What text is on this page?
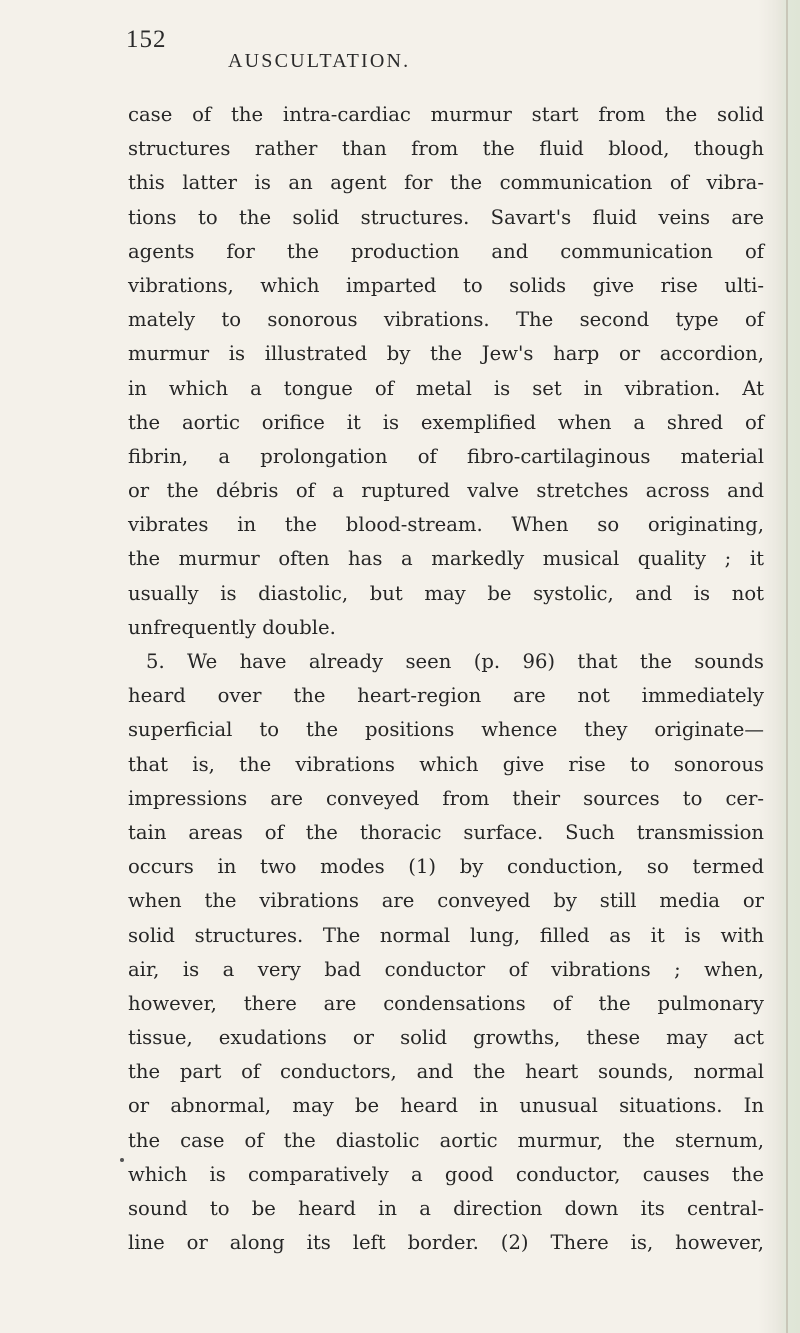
152
AUSCULTATION.
case of the intra-cardiac murmur start from the solid
structures rather than from the fluid blood, though
this latter is an agent for the communication of vibra-
tions to the solid structures. Savart's fluid veins are
agents for the production and communication of
vibrations, which imparted to solids give rise ulti-
mately to sonorous vibrations. The second type of
murmur is illustrated by the Jew's harp or accordion,
in which a tongue of metal is set in vibration. At
the aortic orifice it is exemplified when a shred of
fibrin, a prolongation of fibro-cartilaginous material
or the débris of a ruptured valve stretches across and
vibrates in the blood-stream. When so originating,
the murmur often has a markedly musical quality ; it
usually is diastolic, but may be systolic, and is not
unfrequently double.
5. We have already seen (p. 96) that the sounds
heard over the heart-region are not immediately
superficial to the positions whence they originate—
that is, the vibrations which give rise to sonorous
impressions are conveyed from their sources to cer-
tain areas of the thoracic surface. Such transmission
occurs in two modes (1) by conduction, so termed
when the vibrations are conveyed by still media or
solid structures. The normal lung, filled as it is with
air, is a very bad conductor of vibrations ; when,
however, there are condensations of the pulmonary
tissue, exudations or solid growths, these may act
the part of conductors, and the heart sounds, normal
or abnormal, may be heard in unusual situations. In
the case of the diastolic aortic murmur, the sternum,
which is comparatively a good conductor, causes the
sound to be heard in a direction down its central-
line or along its left border. (2) There is, however,
